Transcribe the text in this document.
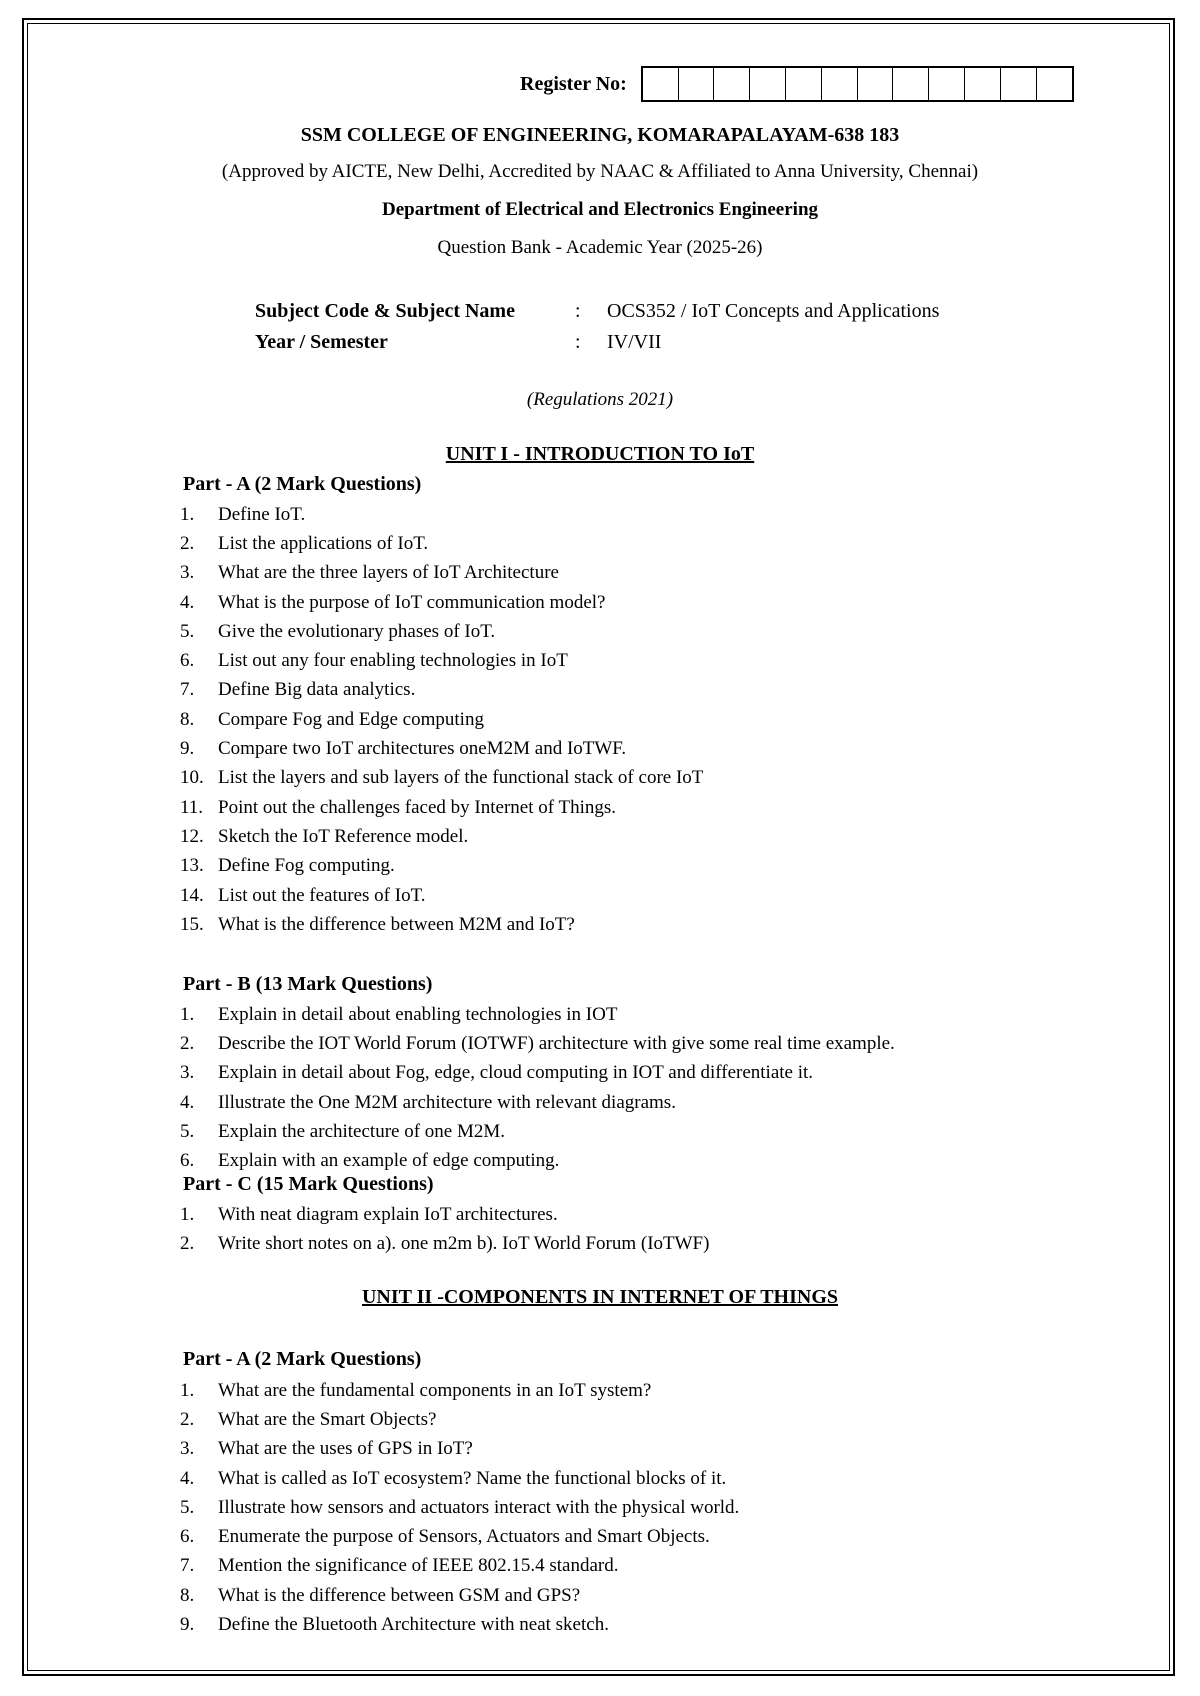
Register No:
SSM COLLEGE OF ENGINEERING, KOMARAPALAYAM-638 183
(Approved by AICTE, New Delhi, Accredited by NAAC & Affiliated to Anna University, Chennai)
Department of Electrical and Electronics Engineering
Question Bank - Academic Year (2025-26)
Subject Code & Subject Name	:	OCS352 / IoT Concepts and Applications
Year / Semester	:	IV/VII
(Regulations 2021)
UNIT I - INTRODUCTION TO IoT
Part - A (2 Mark Questions)
1.	Define IoT.
2.	List the applications of IoT.
3.	What are the three layers of IoT Architecture
4.	What is the purpose of IoT communication model?
5.	Give the evolutionary phases of IoT.
6.	List out any four enabling technologies in IoT
7.	Define Big data analytics.
8.	Compare Fog and Edge computing
9.	Compare two IoT architectures oneM2M and IoTWF.
10. List the layers and sub layers of the functional stack of core IoT
11. Point out the challenges faced by Internet of Things.
12. Sketch the IoT Reference model.
13. Define Fog computing.
14. List out the features of IoT.
15. What is the difference between M2M and IoT?
Part - B (13 Mark Questions)
1.	Explain in detail about enabling technologies in IOT
2.	Describe the IOT World Forum (IOTWF) architecture with give some real time example.
3.	Explain in detail about Fog, edge, cloud computing in IOT and differentiate it.
4.	Illustrate the One M2M architecture with relevant diagrams.
5.	Explain the architecture of one M2M.
6.	Explain with an example of edge computing.
Part - C (15 Mark Questions)
1.	With neat diagram explain IoT architectures.
2.	Write short notes on a). one m2m b). IoT World Forum (IoTWF)
UNIT II -COMPONENTS IN INTERNET OF THINGS
Part - A (2 Mark Questions)
1.	What are the fundamental components in an IoT system?
2.	What are the Smart Objects?
3.	What are the uses of GPS in IoT?
4.	What is called as IoT ecosystem? Name the functional blocks of it.
5.	Illustrate how sensors and actuators interact with the physical world.
6.	Enumerate the purpose of Sensors, Actuators and Smart Objects.
7.	Mention the significance of IEEE 802.15.4 standard.
8.	What is the difference between GSM and GPS?
9.	Define the Bluetooth Architecture with neat sketch.
